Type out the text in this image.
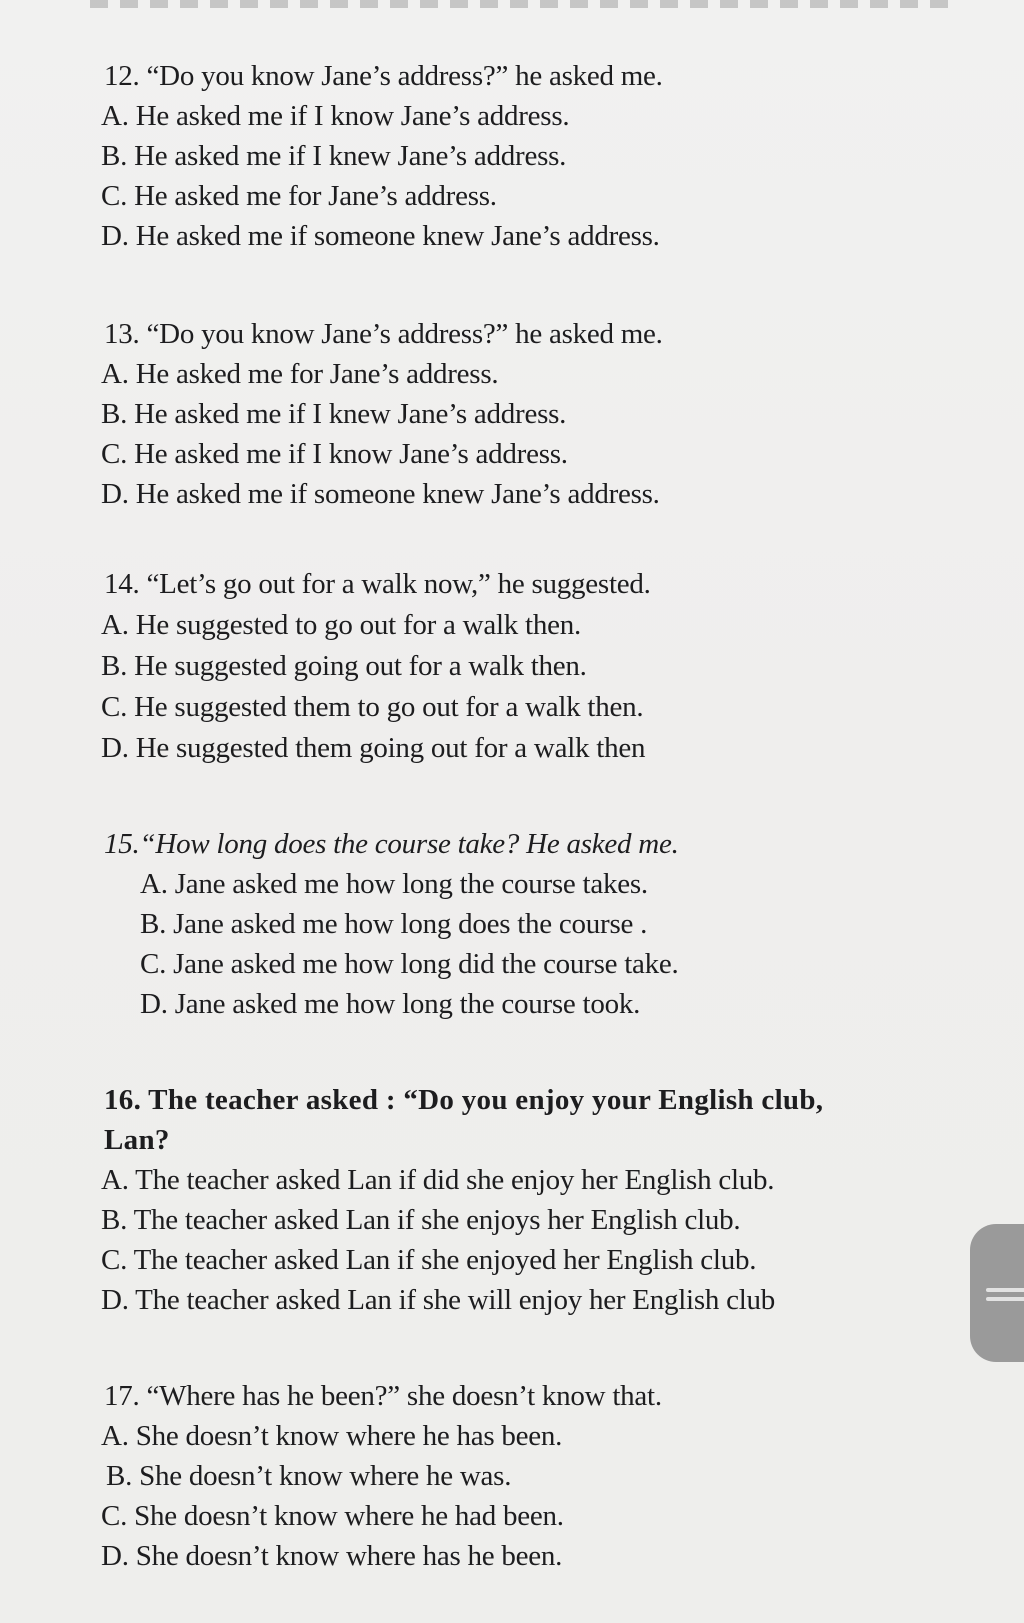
12. “Do you know Jane’s address?” he asked me.
A. He asked me if I know Jane’s address.
B. He asked me if I knew Jane’s address.
C. He asked me for Jane’s address.
D. He asked me if someone knew Jane’s address.
13. “Do you know Jane’s address?” he asked me.
A. He asked me for Jane’s address.
B. He asked me if I knew Jane’s address.
C. He asked me if I know Jane’s address.
D. He asked me if someone knew Jane’s address.
14. “Let’s go out for a walk now,” he suggested.
A. He suggested to go out for a walk then.
B. He suggested going out for a walk then.
C. He suggested them to go out for a walk then.
D. He suggested them going out for a walk then
15.“How long does the course take? He asked me.
A. Jane asked me how long the course takes.
B. Jane asked me how long does the course .
C. Jane asked me how long did the course take.
D. Jane asked me how long the course took.
16. The teacher asked : “Do you enjoy your English club,
Lan?
A. The teacher asked Lan if did she enjoy her English club.
B. The teacher asked Lan if she enjoys her English club.
C. The teacher asked Lan if she enjoyed her English club.
D. The teacher asked Lan if she will enjoy her English club
17. “Where has he been?” she doesn’t know that.
A. She doesn’t know where he has been.
B. She doesn’t know where he was.
C. She doesn’t know where he had been.
D. She doesn’t know where has he been.
